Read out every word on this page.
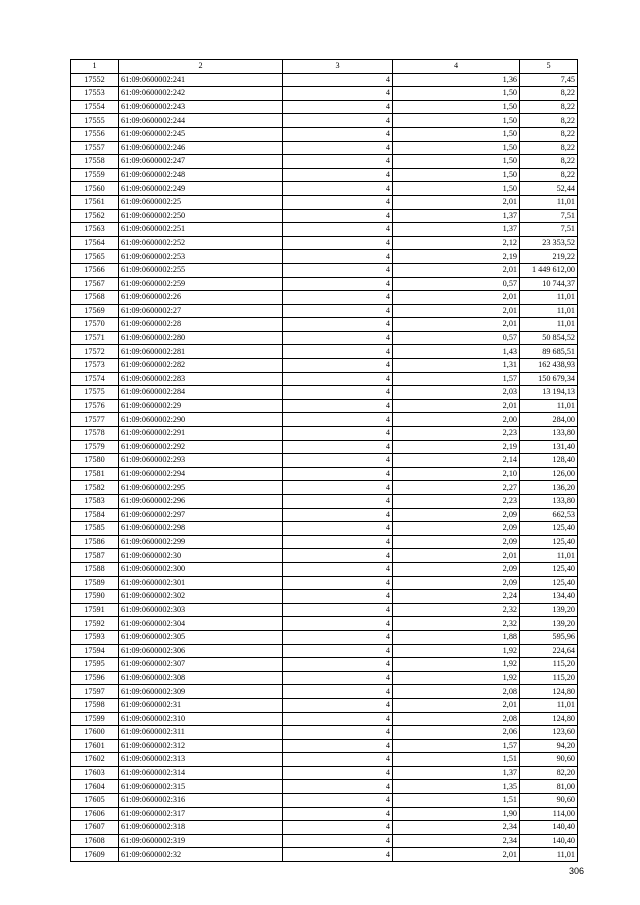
1	2	3	4	5
17552	61:09:0600002:241	4	1,36	7,45
17553	61:09:0600002:242	4	1,50	8,22
17554	61:09:0600002:243	4	1,50	8,22
17555	61:09:0600002:244	4	1,50	8,22
17556	61:09:0600002:245	4	1,50	8,22
17557	61:09:0600002:246	4	1,50	8,22
17558	61:09:0600002:247	4	1,50	8,22
17559	61:09:0600002:248	4	1,50	8,22
17560	61:09:0600002:249	4	1,50	52,44
17561	61:09:0600002:25	4	2,01	11,01
17562	61:09:0600002:250	4	1,37	7,51
17563	61:09:0600002:251	4	1,37	7,51
17564	61:09:0600002:252	4	2,12	23 353,52
17565	61:09:0600002:253	4	2,19	219,22
17566	61:09:0600002:255	4	2,01	1 449 612,00
17567	61:09:0600002:259	4	0,57	10 744,37
17568	61:09:0600002:26	4	2,01	11,01
17569	61:09:0600002:27	4	2,01	11,01
17570	61:09:0600002:28	4	2,01	11,01
17571	61:09:0600002:280	4	0,57	50 854,52
17572	61:09:0600002:281	4	1,43	89 685,51
17573	61:09:0600002:282	4	1,31	162 438,93
17574	61:09:0600002:283	4	1,57	150 679,34
17575	61:09:0600002:284	4	2,03	13 194,13
17576	61:09:0600002:29	4	2,01	11,01
17577	61:09:0600002:290	4	2,00	284,00
17578	61:09:0600002:291	4	2,23	133,80
17579	61:09:0600002:292	4	2,19	131,40
17580	61:09:0600002:293	4	2,14	128,40
17581	61:09:0600002:294	4	2,10	126,00
17582	61:09:0600002:295	4	2,27	136,20
17583	61:09:0600002:296	4	2,23	133,80
17584	61:09:0600002:297	4	2,09	662,53
17585	61:09:0600002:298	4	2,09	125,40
17586	61:09:0600002:299	4	2,09	125,40
17587	61:09:0600002:30	4	2,01	11,01
17588	61:09:0600002:300	4	2,09	125,40
17589	61:09:0600002:301	4	2,09	125,40
17590	61:09:0600002:302	4	2,24	134,40
17591	61:09:0600002:303	4	2,32	139,20
17592	61:09:0600002:304	4	2,32	139,20
17593	61:09:0600002:305	4	1,88	595,96
17594	61:09:0600002:306	4	1,92	224,64
17595	61:09:0600002:307	4	1,92	115,20
17596	61:09:0600002:308	4	1,92	115,20
17597	61:09:0600002:309	4	2,08	124,80
17598	61:09:0600002:31	4	2,01	11,01
17599	61:09:0600002:310	4	2,08	124,80
17600	61:09:0600002:311	4	2,06	123,60
17601	61:09:0600002:312	4	1,57	94,20
17602	61:09:0600002:313	4	1,51	90,60
17603	61:09:0600002:314	4	1,37	82,20
17604	61:09:0600002:315	4	1,35	81,00
17605	61:09:0600002:316	4	1,51	90,60
17606	61:09:0600002:317	4	1,90	114,00
17607	61:09:0600002:318	4	2,34	140,40
17608	61:09:0600002:319	4	2,34	140,40
17609	61:09:0600002:32	4	2,01	11,01
306
